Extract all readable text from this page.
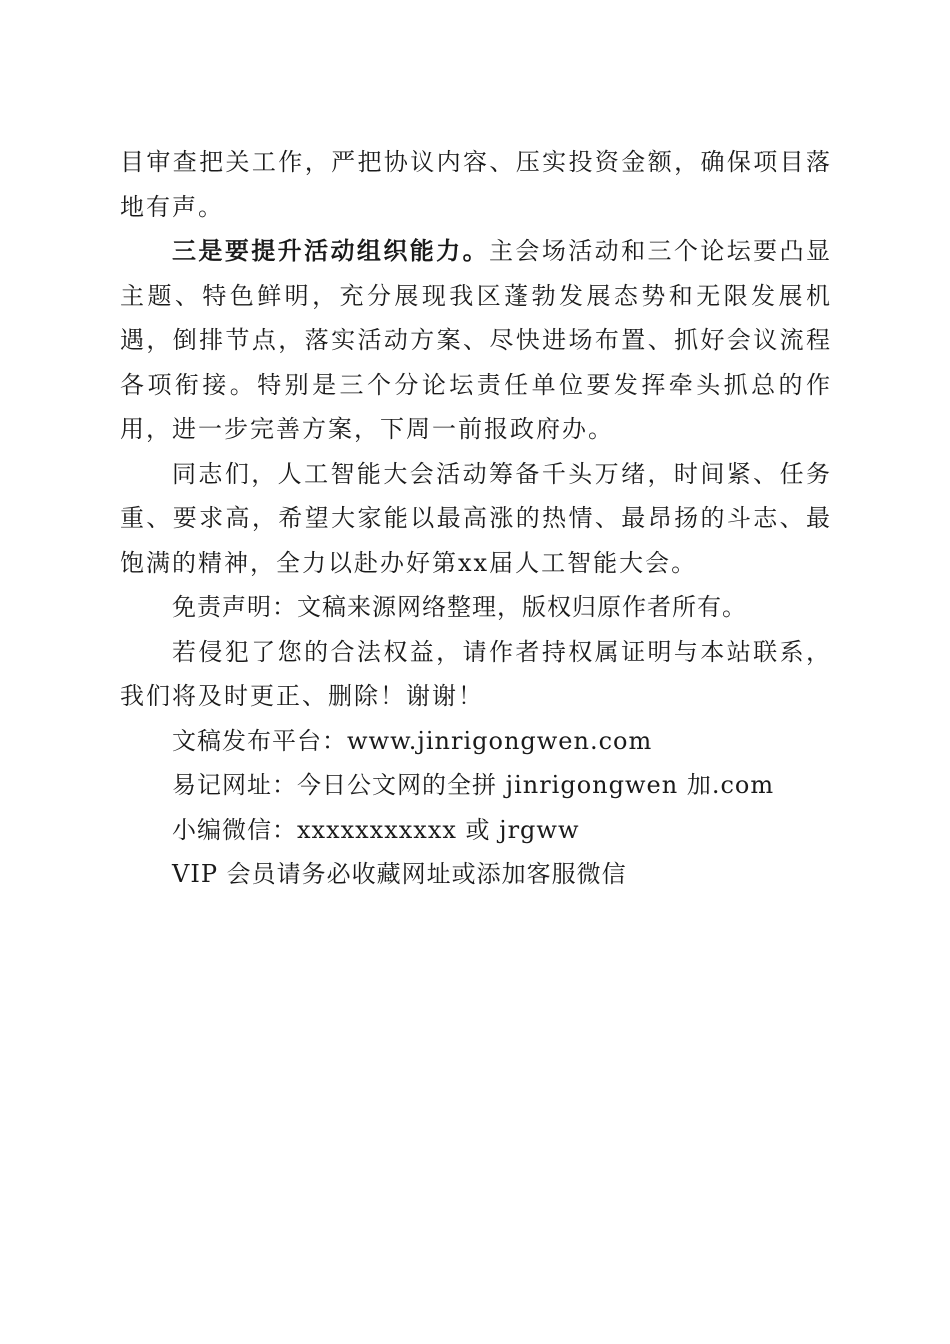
目审查把关工作，严把协议内容、压实投资金额，确保项目落地有声。

三是要提升活动组织能力。主会场活动和三个论坛要凸显主题、特色鲜明，充分展现我区蓬勃发展态势和无限发展机遇，倒排节点，落实活动方案、尽快进场布置、抓好会议流程各项衔接。特别是三个分论坛责任单位要发挥牵头抓总的作用，进一步完善方案，下周一前报政府办。

同志们，人工智能大会活动筹备千头万绪，时间紧、任务重、要求高，希望大家能以最高涨的热情、最昂扬的斗志、最饱满的精神，全力以赴办好第xx届人工智能大会。

免责声明：文稿来源网络整理，版权归原作者所有。

若侵犯了您的合法权益，请作者持权属证明与本站联系，我们将及时更正、删除！谢谢！

文稿发布平台：www.jinrigongwen.com

易记网址：今日公文网的全拼 jinrigongwen 加.com

小编微信：xxxxxxxxxxx 或 jrgww

VIP 会员请务必收藏网址或添加客服微信
